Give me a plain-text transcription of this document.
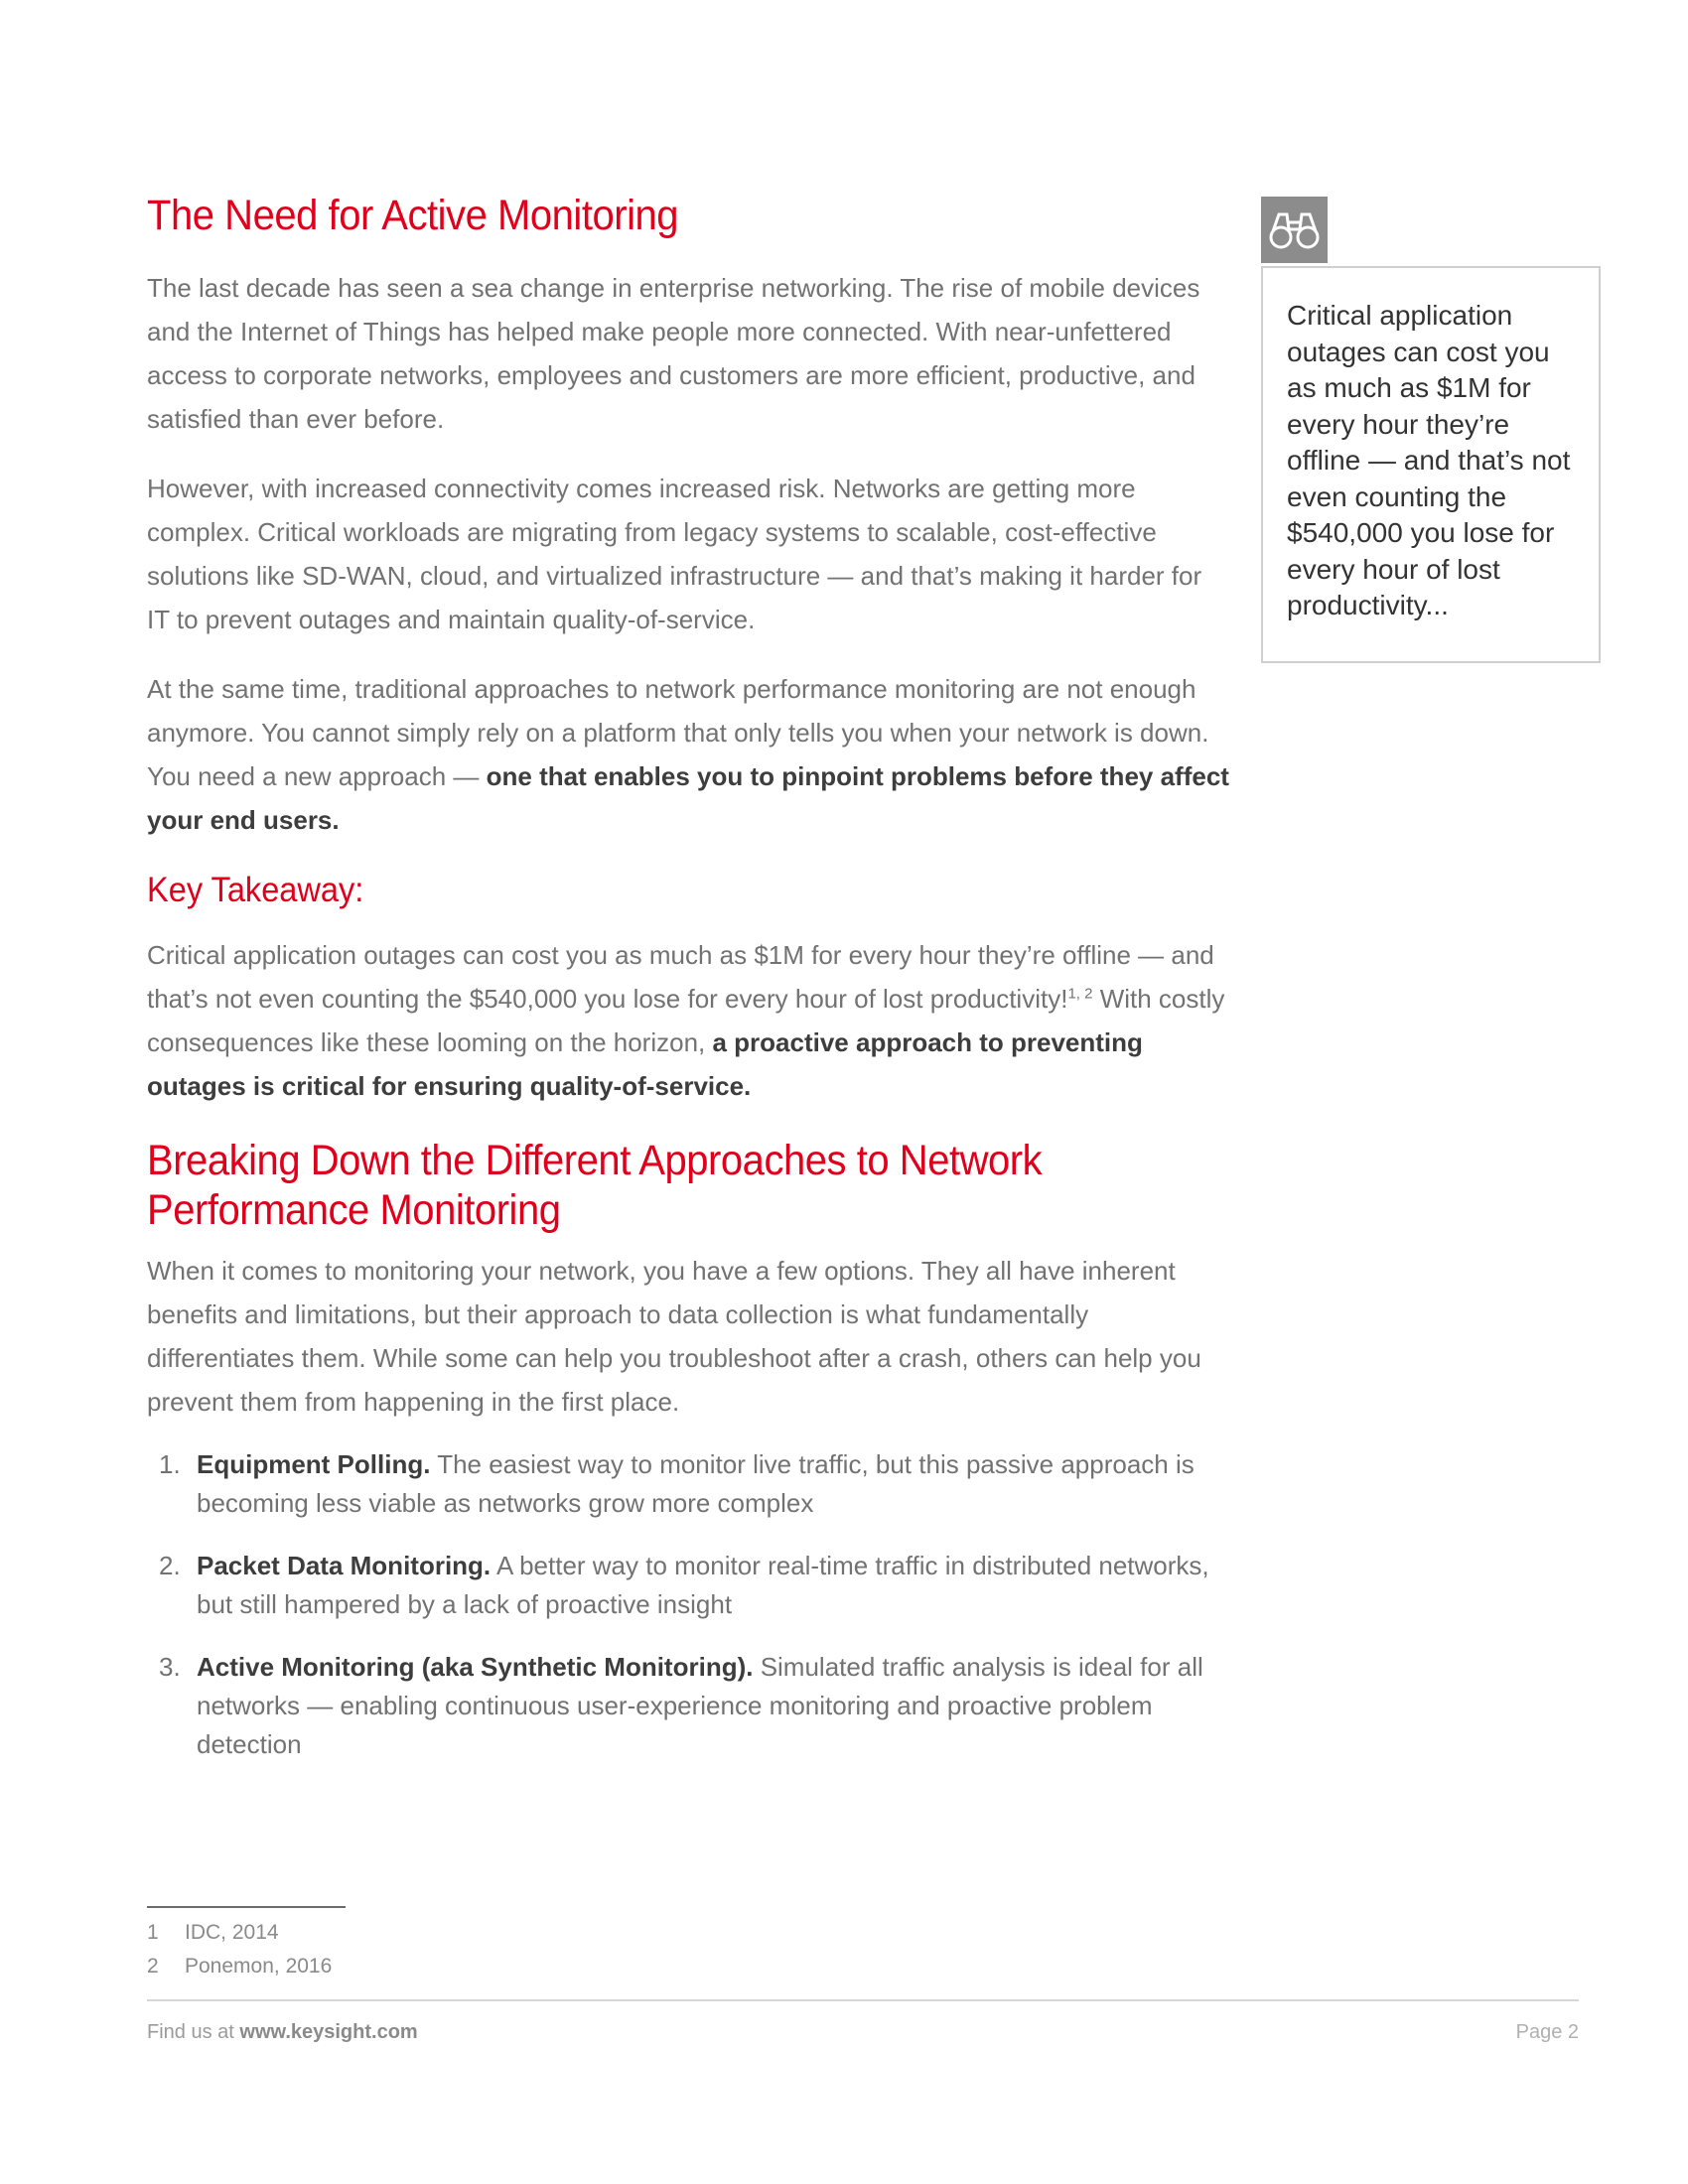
The Need for Active Monitoring

The last decade has seen a sea change in enterprise networking. The rise of mobile devices and the Internet of Things has helped make people more connected. With near-unfettered access to corporate networks, employees and customers are more efficient, productive, and satisfied than ever before.

However, with increased connectivity comes increased risk. Networks are getting more complex. Critical workloads are migrating from legacy systems to scalable, cost-effective solutions like SD-WAN, cloud, and virtualized infrastructure — and that’s making it harder for IT to prevent outages and maintain quality-of-service.

At the same time, traditional approaches to network performance monitoring are not enough anymore. You cannot simply rely on a platform that only tells you when your network is down. You need a new approach — one that enables you to pinpoint problems before they affect your end users.

Key Takeaway:

Critical application outages can cost you as much as $1M for every hour they’re offline — and that’s not even counting the $540,000 you lose for every hour of lost productivity!$^{1, 2}$ With costly consequences like these looming on the horizon, a proactive approach to preventing outages is critical for ensuring quality-of-service.

Breaking Down the Different Approaches to Network Performance Monitoring

When it comes to monitoring your network, you have a few options. They all have inherent benefits and limitations, but their approach to data collection is what fundamentally differentiates them. While some can help you troubleshoot after a crash, others can help you prevent them from happening in the first place.

1. Equipment Polling. The easiest way to monitor live traffic, but this passive approach is becoming less viable as networks grow more complex
2. Packet Data Monitoring. A better way to monitor real-time traffic in distributed networks, but still hampered by a lack of proactive insight
3. Active Monitoring (aka Synthetic Monitoring). Simulated traffic analysis is ideal for all networks — enabling continuous user-experience monitoring and proactive problem detection

Critical application outages can cost you as much as $1M for every hour they’re offline — and that’s not even counting the $540,000 you lose for every hour of lost productivity...

1 IDC, 2014
2 Ponemon, 2016
Find us at www.keysight.com	Page 2
